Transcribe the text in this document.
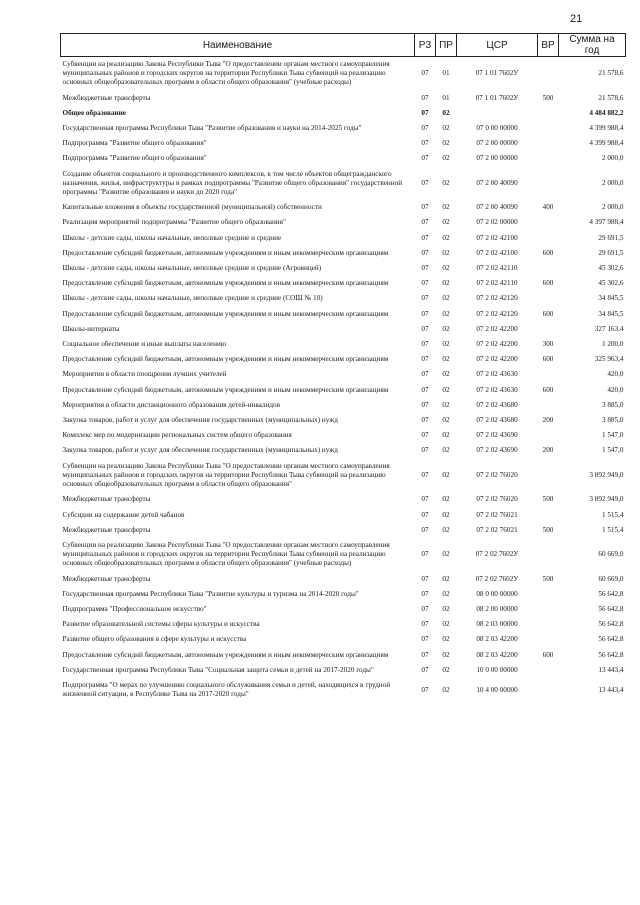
21
Наименование	РЗ	ПР	ЦСР	ВР	Сумма на год
Субвенции на реализацию Закона Республики Тыва "О предоставлении органам местного самоуправления муниципальных районов и городских округов на территории Республики Тыва субвенций на реализацию основных общеобразовательных программ в области общего образования" (учебные расходы)	07	01	07 1 01 7602У		21 578,6
Межбюджетные трансферты	07	01	07 1 01 7602У	500	21 578,6
Общее образование	07	02			4 484 882,2
Государственная программа Республики Тыва "Развитие образования и науки на 2014-2025 годы"	07	02	07 0 00 00000		4 399 988,4
Подпрограмма "Развитие общего образования"	07	02	07 2 00 00000		4 399 988,4
Подпрограмма "Развитие общего образования"	07	02	07 2 00 00000		2 000,0
Создание объектов социального и производственного комплексов, в том числе объектов общегражданского назначения, жилья, инфраструктуры в рамках подпрограммы "Развитие общего образования" государственной программы "Развитие образования и науки до 2020 года"	07	02	07 2 00 40090		2 000,0
Капитальные вложения в объекты государственной (муниципальной) собственности	07	02	07 2 00 40090	400	2 000,0
Реализация мероприятий подпрограммы "Развитие общего образования"	07	02	07 2 02 00000		4 397 988,4
Школы - детские сады, школы начальные, неполные средние и средние	07	02	07 2 02 42100		29 691,5
Предоставление субсидий бюджетным, автономным учреждениям и иным некоммерческим организациям	07	02	07 2 02 42100	600	29 691,5
Школы - детские сады, школы начальные, неполные средние и средние (Агровицей)	07	02	07 2 02 42110		45 302,6
Предоставление субсидий бюджетным, автономным учреждениям и иным некоммерческим организациям	07	02	07 2 02 42110	600	45 302,6
Школы - детские сады, школы начальные, неполные средние и средние (СОШ № 10)	07	02	07 2 02 42120		34 845,5
Предоставление субсидий бюджетным, автономным учреждениям и иным некоммерческим организациям	07	02	07 2 02 42120	600	34 845,5
Школы-интернаты	07	02	07 2 02 42200		327 163,4
Социальное обеспечение и иные выплаты населению	07	02	07 2 02 42200	300	1 200,0
Предоставление субсидий бюджетным, автономным учреждениям и иным некоммерческим организациям	07	02	07 2 02 42200	600	325 963,4
Мероприятия в области поощрения лучших учителей	07	02	07 2 02 43630		420,0
Предоставление субсидий бюджетным, автономным учреждениям и иным некоммерческим организациям	07	02	07 2 02 43630	600	420,0
Мероприятия в области дистанционного образования детей-инвалидов	07	02	07 2 02 43680		3 885,0
Закупка товаров, работ и услуг для обеспечения государственных (муниципальных) нужд	07	02	07 2 02 43680	200	3 885,0
Комплекс мер по модернизации региональных систем общего образования	07	02	07 2 02 43690		1 547,0
Закупка товаров, работ и услуг для обеспечения государственных (муниципальных) нужд	07	02	07 2 02 43690	200	1 547,0
Субвенции на реализацию Закона Республики Тыва "О предоставлении органам местного самоуправления муниципальных районов и городских округов на территории Республики Тыва субвенций на реализацию основных общеобразовательных программ в области общего образования"	07	02	07 2 02 76020		3 892 949,0
Межбюджетные трансферты	07	02	07 2 02 76020	500	3 892 949,0
Субсидии на содержание детей чабанов	07	02	07 2 02 76021		1 515,4
Межбюджетные трансферты	07	02	07 2 02 76021	500	1 515,4
Субвенции на реализацию Закона Республики Тыва "О предоставлении органам местного самоуправления муниципальных районов и городских округов на территории Республики Тыва субвенций на реализацию основных общеобразовательных программ в области общего образования" (учебные расходы)	07	02	07 2 02 7602У		60 669,0
Межбюджетные трансферты	07	02	07 2 02 7602У	500	60 669,0
Государственная программа Республики Тыва "Развитие культуры и туризма на 2014-2020 годы"	07	02	08 0 00 00000		56 642,8
Подпрограмма "Профессиональное искусство"	07	02	08 2 00 00000		56 642,8
Развитие образовательной системы сферы культуры и искусства	07	02	08 2 03 00000		56 642,8
Развитие общего образования в сфере культуры и искусства	07	02	08 2 03 42200		56 642,8
Предоставление субсидий бюджетным, автономным учреждениям и иным некоммерческим организациям	07	02	08 2 03 42200	600	56 642,8
Государственная программа Республики Тыва "Социальная защита семьи и детей на 2017-2020 годы"	07	02	10 0 00 00000		13 443,4
Подпрограмма "О мерах по улучшению социального обслуживания семьи и детей, находящихся в трудной жизненной ситуации, в Республике Тыва на 2017-2020 годы"	07	02	10 4 00 00000		13 443,4
